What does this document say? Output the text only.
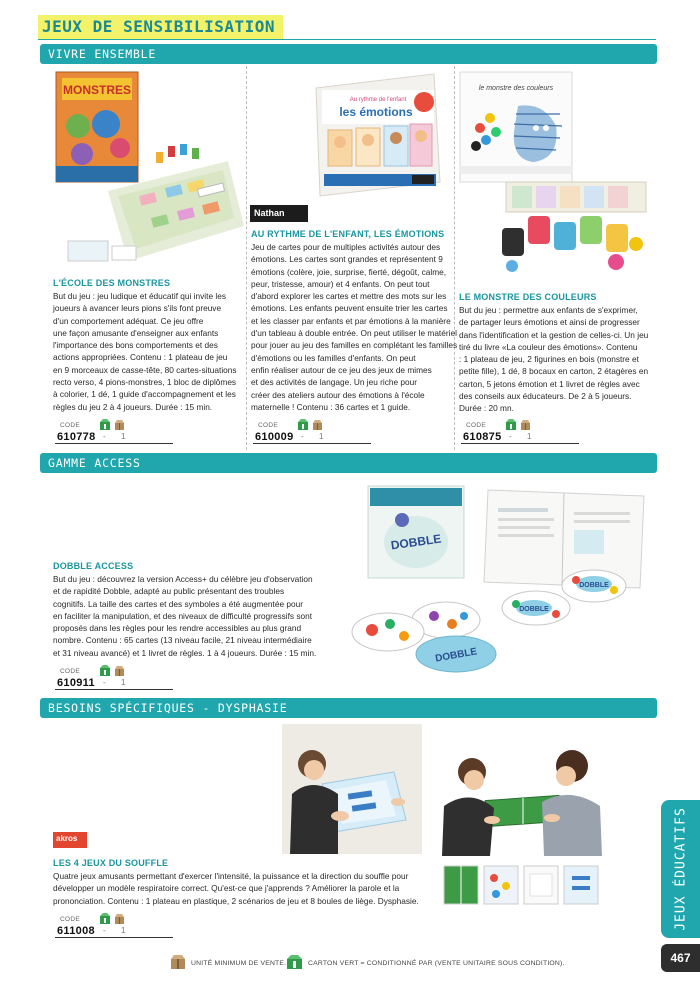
JEUX DE SENSIBILISATION
VIVRE ENSEMBLE
GAMME ACCESS
BESOINS SPÉCIFIQUES - DYSPHASIE
MONSTRES
L'ÉCOLE DES MONSTRES
But du jeu : jeu ludique et éducatif qui invite les
joueurs à avancer leurs pions s'ils font preuve
d'un comportement adéquat. Ce jeu offre
une façon amusante d'enseigner aux enfants
l'importance des bons comportements et des
actions appropriées. Contenu : 1 plateau de jeu
en 9 morceaux de casse-tête, 80 cartes-situations
recto verso, 4 pions-monstres, 1 bloc de diplômes
à colorier, 1 dé, 1 guide d'accompagnement et les
règles du jeu 2 à 4 joueurs. Durée : 15 min.
CODE
610778 - 1
Au rythme de l'enfant
les émotions
Nathan
AU RYTHME DE L'ENFANT, LES ÉMOTIONS
Jeu de cartes pour de multiples activités autour des
émotions. Les cartes sont grandes et représentent 9
émotions (colère, joie, surprise, fierté, dégoût, calme,
peur, tristesse, amour) et 4 enfants. On peut tout
d'abord explorer les cartes et mettre des mots sur les
émotions. Les enfants peuvent ensuite trier les cartes
et les classer par enfants et par émotions à la manière
d'un tableau à double entrée. On peut utiliser le matériel
pour jouer au jeu des familles en complétant les familles
d'émotions ou les familles d'enfants. On peut
enfin réaliser autour de ce jeu des jeux de mimes
et des activités de langage. Un jeu riche pour
créer des ateliers autour des émotions à l'école
maternelle ! Contenu : 36 cartes et 1 guide.
CODE
610009 - 1
le monstre des couleurs
LE MONSTRE DES COULEURS
But du jeu : permettre aux enfants de s'exprimer,
de partager leurs émotions et ainsi de progresser
dans l'identification et la gestion de celles-ci. Un jeu
tiré du livre «La couleur des émotions». Contenu
: 1 plateau de jeu, 2 figurines en bois (monstre et
petite fille), 1 dé, 8 bocaux en carton, 2 étagères en
carton, 5 jetons émotion et 1 livret de règles avec
des conseils aux éducateurs. De 2 à 5 joueurs.
Durée : 20 mn.
CODE
610875 - 1
DOBBLE
DOBBLE
DOBBLE
DOBBLE
DOBBLE ACCESS
But du jeu : découvrez la version Access+ du célèbre jeu d'observation
et de rapidité Dobble, adapté au public présentant des troubles
cognitifs. La taille des cartes et des symboles a été augmentée pour
en faciliter la manipulation, et des niveaux de difficulté progressifs sont
proposés dans les règles pour les rendre accessibles au plus grand
nombre. Contenu : 65 cartes (13 niveau facile, 21 niveau intermédiaire
et 31 niveau avancé) et 1 livret de règles. 1 à 4 joueurs. Durée : 15 min.
CODE
610911 - 1
akros
LES 4 JEUX DU SOUFFLE
Quatre jeux amusants permettant d'exercer l'intensité, la puissance et la direction du souffle pour
développer un modèle respiratoire correct. Qu'est-ce que j'apprends ? Améliorer la parole et la
prononciation. Contenu : 1 plateau en plastique, 2 scénarios de jeu et 8 boules de liège. Dysphasie.
CODE
611008 - 1	JEUX ÉDUCATIFS
467
UNITÉ MINIMUM DE VENTE.	CARTON VERT = CONDITIONNÉ PAR (VENTE UNITAIRE SOUS CONDITION).
